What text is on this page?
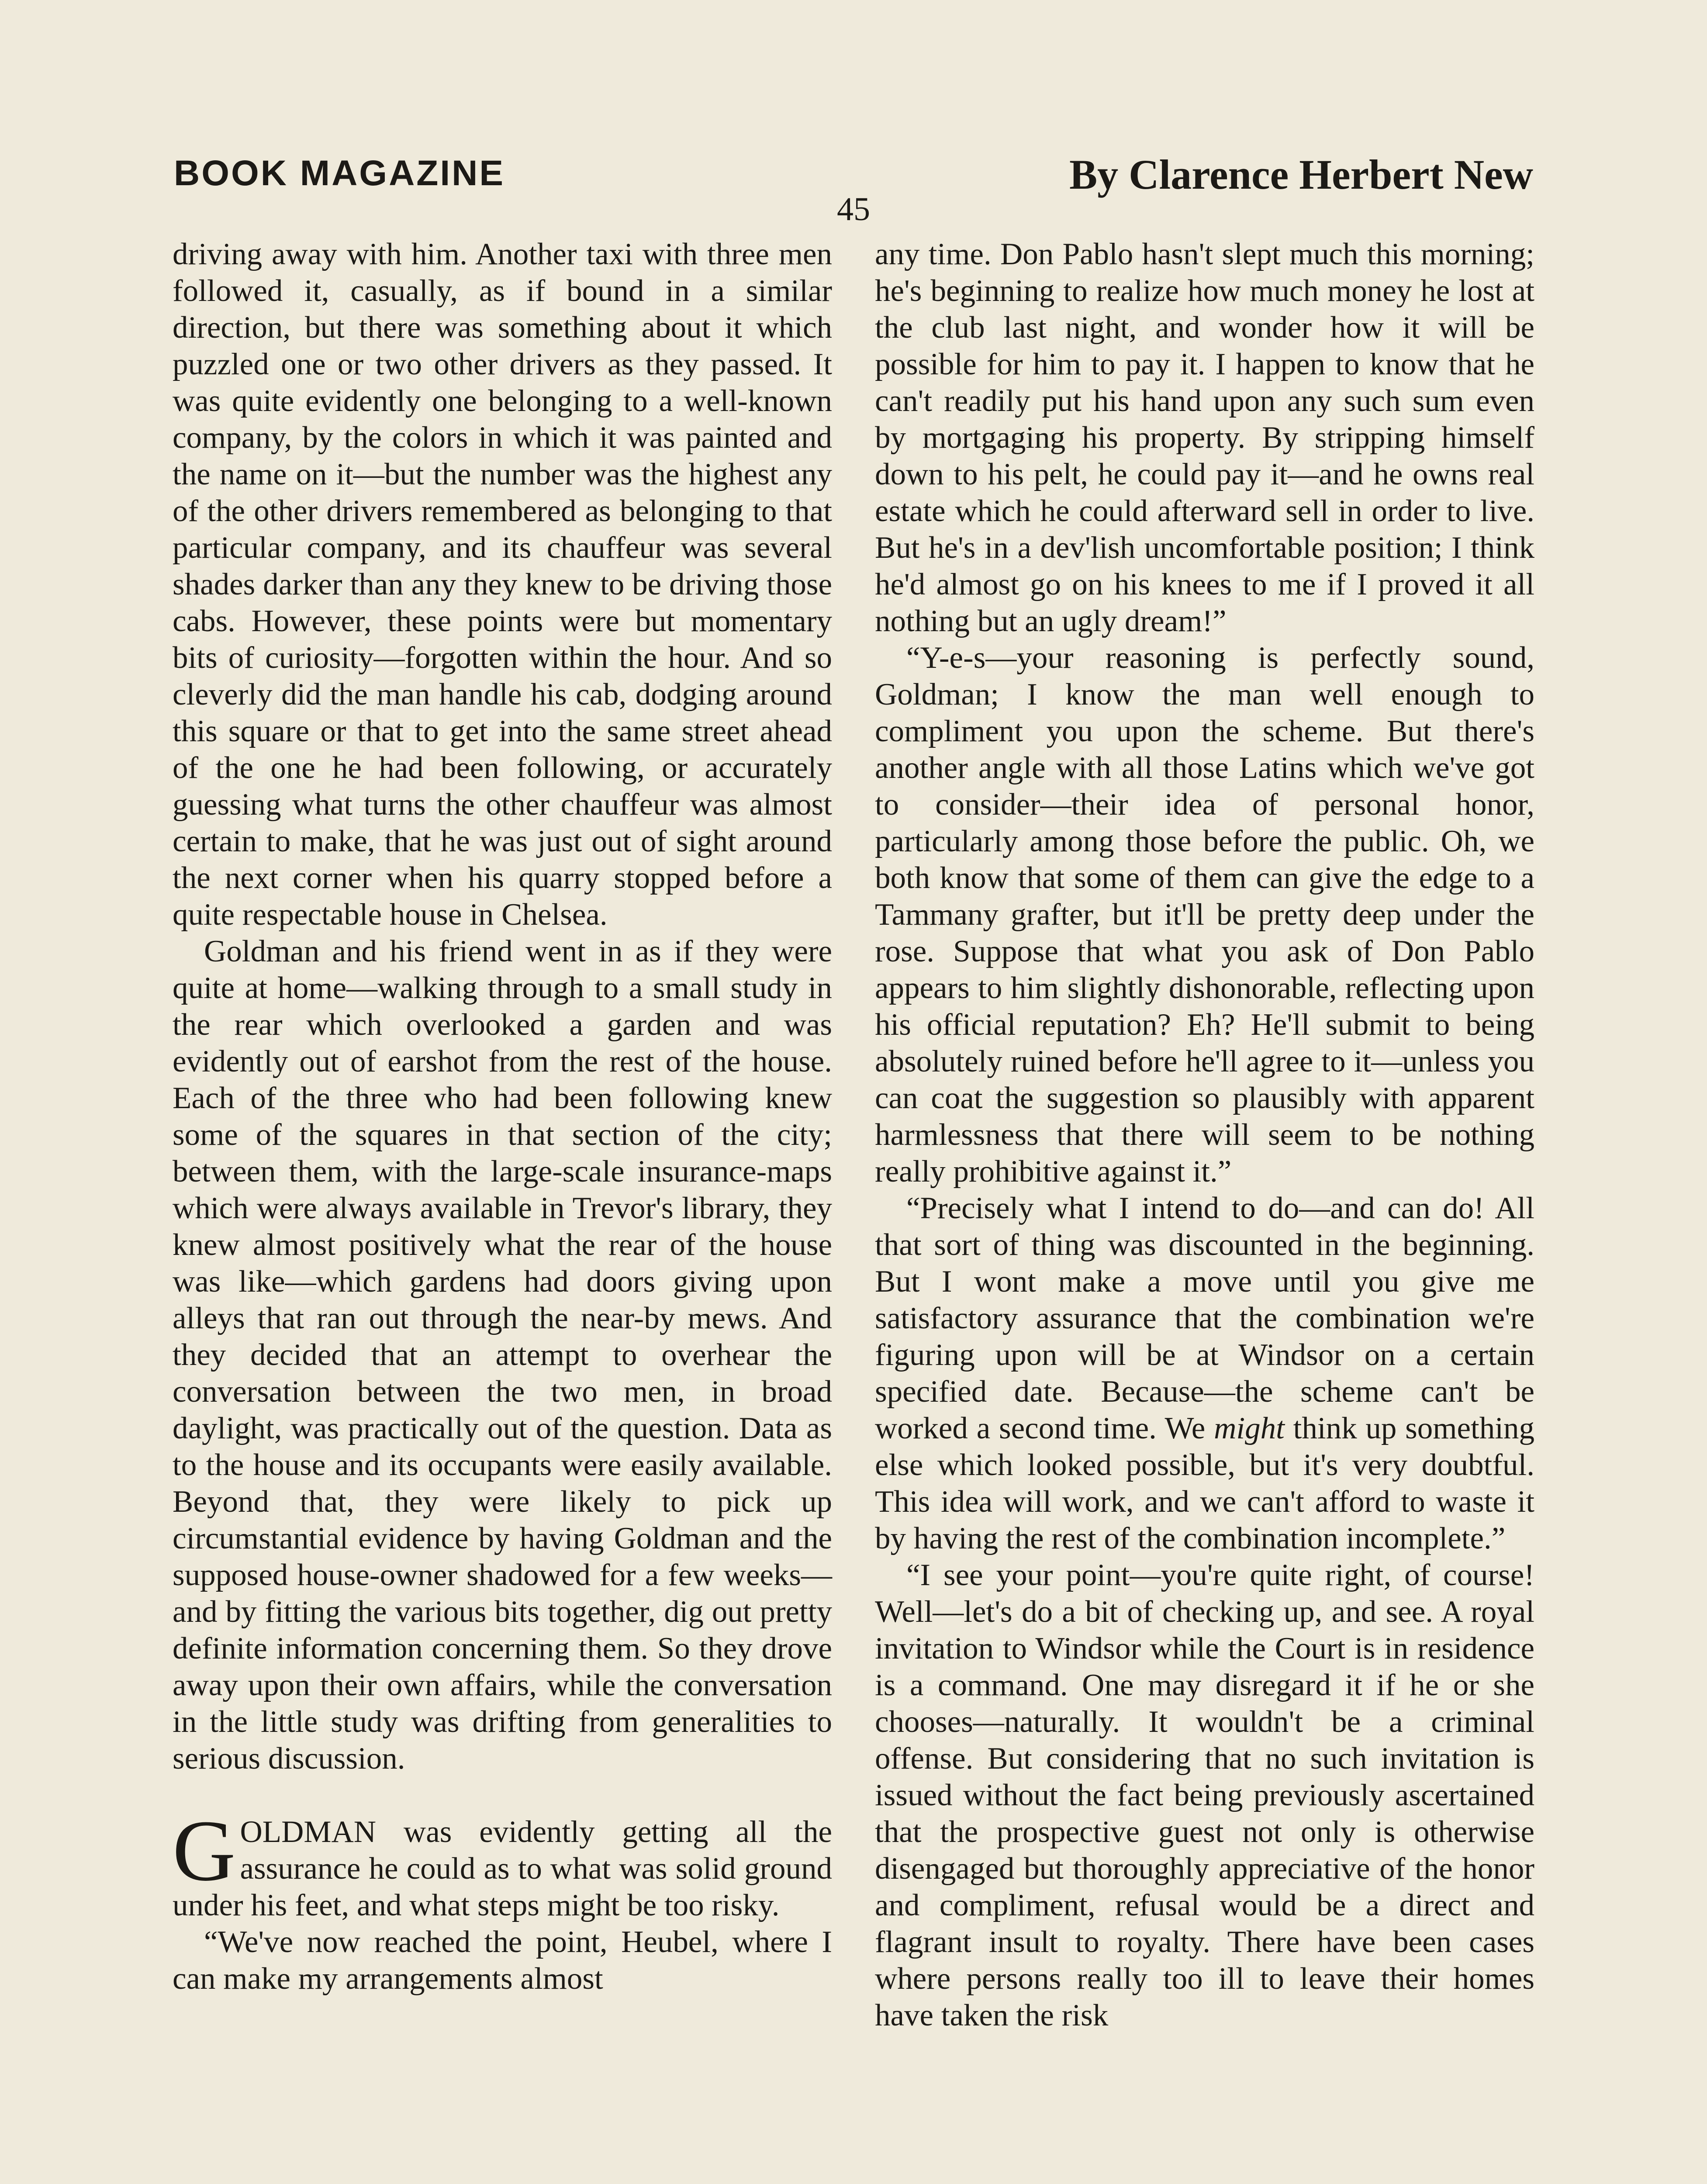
BOOK MAGAZINE	By Clarence Herbert New
45

driving away with him. Another taxi with three men followed it, casually, as if bound in a similar direction, but there was something about it which puzzled one or two other drivers as they passed. It was quite evidently one belonging to a well-known company, by the colors in which it was painted and the name on it—but the number was the highest any of the other drivers remembered as belonging to that particular company, and its chauffeur was several shades darker than any they knew to be driving those cabs. However, these points were but momentary bits of curiosity—forgotten within the hour. And so cleverly did the man handle his cab, dodging around this square or that to get into the same street ahead of the one he had been following, or accurately guessing what turns the other chauffeur was almost certain to make, that he was just out of sight around the next corner when his quarry stopped before a quite respectable house in Chelsea.

Goldman and his friend went in as if they were quite at home—walking through to a small study in the rear which overlooked a garden and was evidently out of earshot from the rest of the house. Each of the three who had been following knew some of the squares in that section of the city; between them, with the large-scale insurance-maps which were always available in Trevor's library, they knew almost positively what the rear of the house was like—which gardens had doors giving upon alleys that ran out through the near-by mews. And they decided that an attempt to overhear the conversation between the two men, in broad daylight, was practically out of the question. Data as to the house and its occupants were easily available. Beyond that, they were likely to pick up circumstantial evidence by having Goldman and the supposed house-owner shadowed for a few weeks—and by fitting the various bits together, dig out pretty definite information concerning them. So they drove away upon their own affairs, while the conversation in the little study was drifting from generalities to serious discussion.

GOLDMAN was evidently getting all the assurance he could as to what was solid ground under his feet, and what steps might be too risky.

“We've now reached the point, Heubel, where I can make my arrangements almost

any time. Don Pablo hasn't slept much this morning; he's beginning to realize how much money he lost at the club last night, and wonder how it will be possible for him to pay it. I happen to know that he can't readily put his hand upon any such sum even by mortgaging his property. By stripping himself down to his pelt, he could pay it—and he owns real estate which he could afterward sell in order to live. But he's in a dev'lish uncomfortable position; I think he'd almost go on his knees to me if I proved it all nothing but an ugly dream!”

“Y-e-s—your reasoning is perfectly sound, Goldman; I know the man well enough to compliment you upon the scheme. But there's another angle with all those Latins which we've got to consider—their idea of personal honor, particularly among those before the public. Oh, we both know that some of them can give the edge to a Tammany grafter, but it'll be pretty deep under the rose. Suppose that what you ask of Don Pablo appears to him slightly dishonorable, reflecting upon his official reputation? Eh? He'll submit to being absolutely ruined before he'll agree to it—unless you can coat the suggestion so plausibly with apparent harmlessness that there will seem to be nothing really prohibitive against it.”

“Precisely what I intend to do—and can do! All that sort of thing was discounted in the beginning. But I wont make a move until you give me satisfactory assurance that the combination we're figuring upon will be at Windsor on a certain specified date. Because—the scheme can't be worked a second time. We might think up something else which looked possible, but it's very doubtful. This idea will work, and we can't afford to waste it by having the rest of the combination incomplete.”

“I see your point—you're quite right, of course! Well—let's do a bit of checking up, and see. A royal invitation to Windsor while the Court is in residence is a command. One may disregard it if he or she chooses—naturally. It wouldn't be a criminal offense. But considering that no such invitation is issued without the fact being previously ascertained that the prospective guest not only is otherwise disengaged but thoroughly appreciative of the honor and compliment, refusal would be a direct and flagrant insult to royalty. There have been cases where persons really too ill to leave their homes have taken the risk
